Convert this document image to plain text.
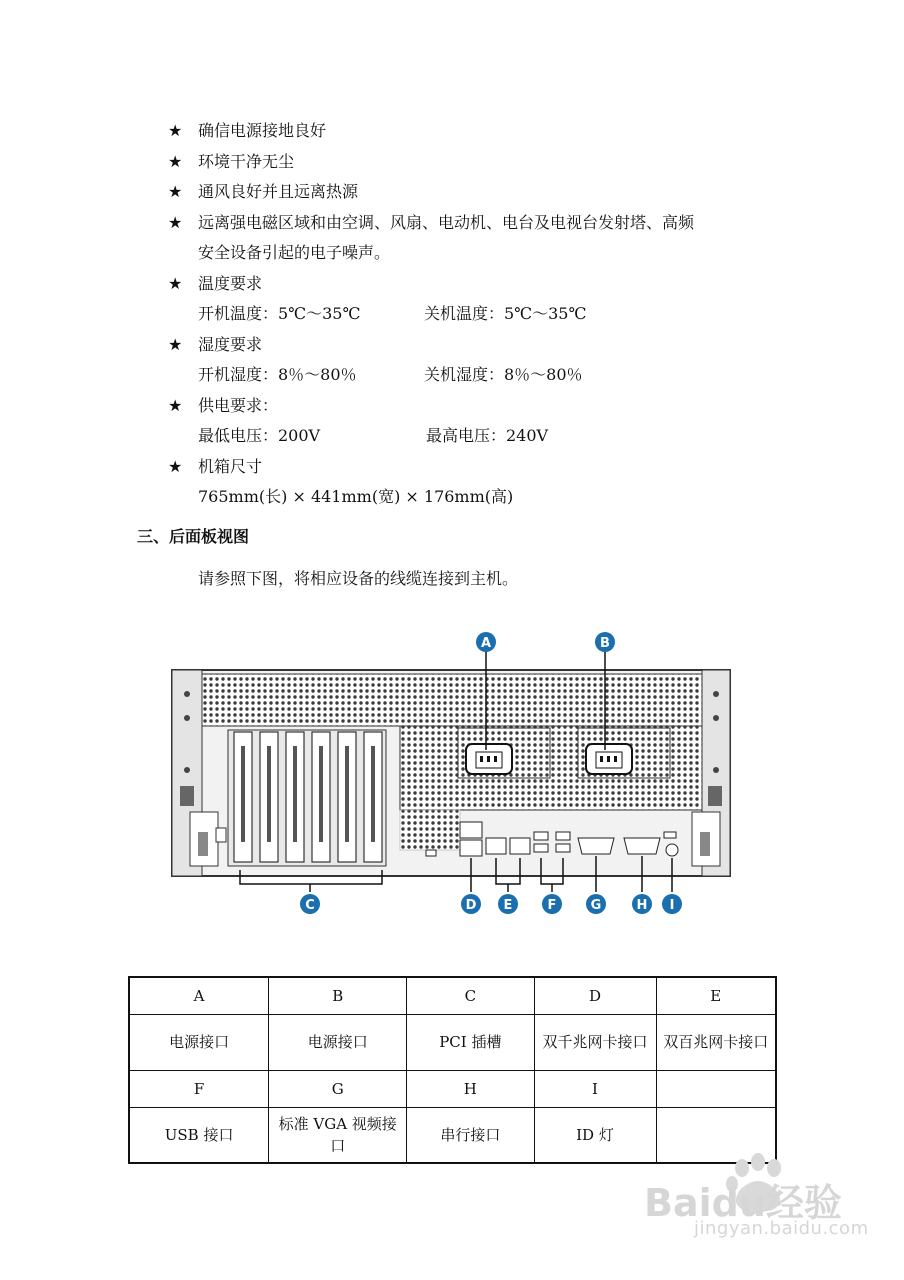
★ 确信电源接地良好
★ 环境干净无尘
★ 通风良好并且远离热源
★ 远离强电磁区域和由空调、风扇、电动机、电台及电视台发射塔、高频
安全设备引起的电子噪声。
★ 温度要求
开机温度：5℃～35℃	关机温度：5℃～35℃
★ 湿度要求
开机湿度：8％～80％	关机湿度：8％～80％
★ 供电要求：
最低电压：200V	最高电压：240V
★ 机箱尺寸
765mm(长) × 441mm(宽) × 176mm(高)
三、后面板视图
请参照下图，将相应设备的线缆连接到主机。
A	B
C	D E	F	G	H I
A	B	C	D	E
电源接口	电源接口	PCI 插槽	双千兆网卡接口	双百兆网卡接口
F	G	H	I	
USB 接口	标准 VGA 视频接口	串行接口	ID 灯	
Baidu经验
jingyan.baidu.com
